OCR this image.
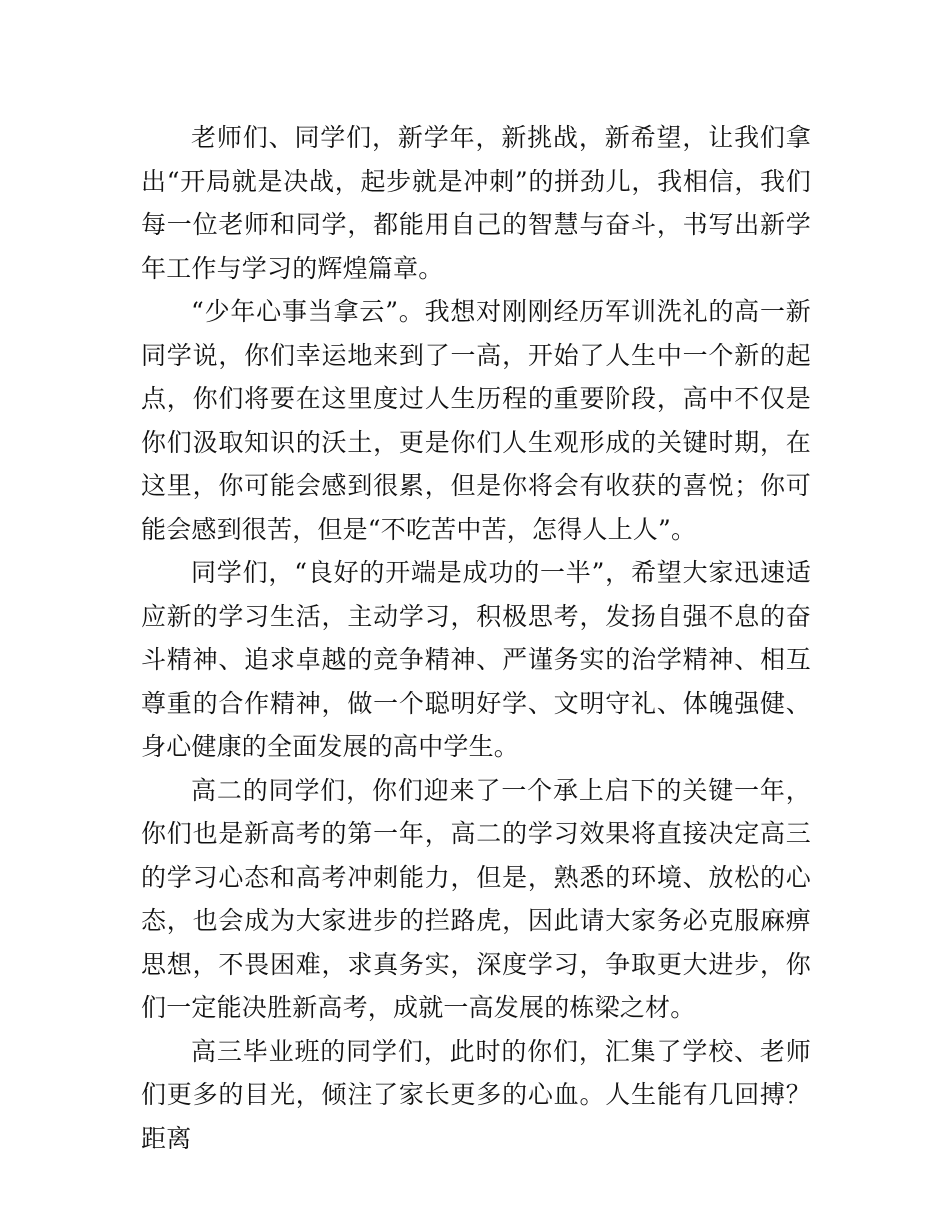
老师们、同学们，新学年，新挑战，新希望，让我们拿出“开局就是决战，起步就是冲刺”的拼劲儿，我相信，我们每一位老师和同学，都能用自己的智慧与奋斗，书写出新学年工作与学习的辉煌篇章。

“少年心事当拿云”。我想对刚刚经历军训洗礼的高一新同学说，你们幸运地来到了一高，开始了人生中一个新的起点，你们将要在这里度过人生历程的重要阶段，高中不仅是你们汲取知识的沃土，更是你们人生观形成的关键时期，在这里，你可能会感到很累，但是你将会有收获的喜悦；你可能会感到很苦，但是“不吃苦中苦，怎得人上人”。

同学们，“良好的开端是成功的一半”，希望大家迅速适应新的学习生活，主动学习，积极思考，发扬自强不息的奋斗精神、追求卓越的竞争精神、严谨务实的治学精神、相互尊重的合作精神，做一个聪明好学、文明守礼、体魄强健、身心健康的全面发展的高中学生。

高二的同学们，你们迎来了一个承上启下的关键一年，你们也是新高考的第一年，高二的学习效果将直接决定高三的学习心态和高考冲刺能力，但是，熟悉的环境、放松的心态，也会成为大家进步的拦路虎，因此请大家务必克服麻痹思想，不畏困难，求真务实，深度学习，争取更大进步，你们一定能决胜新高考，成就一高发展的栋梁之材。

高三毕业班的同学们，此时的你们，汇集了学校、老师们更多的目光，倾注了家长更多的心血。人生能有几回搏？距离
